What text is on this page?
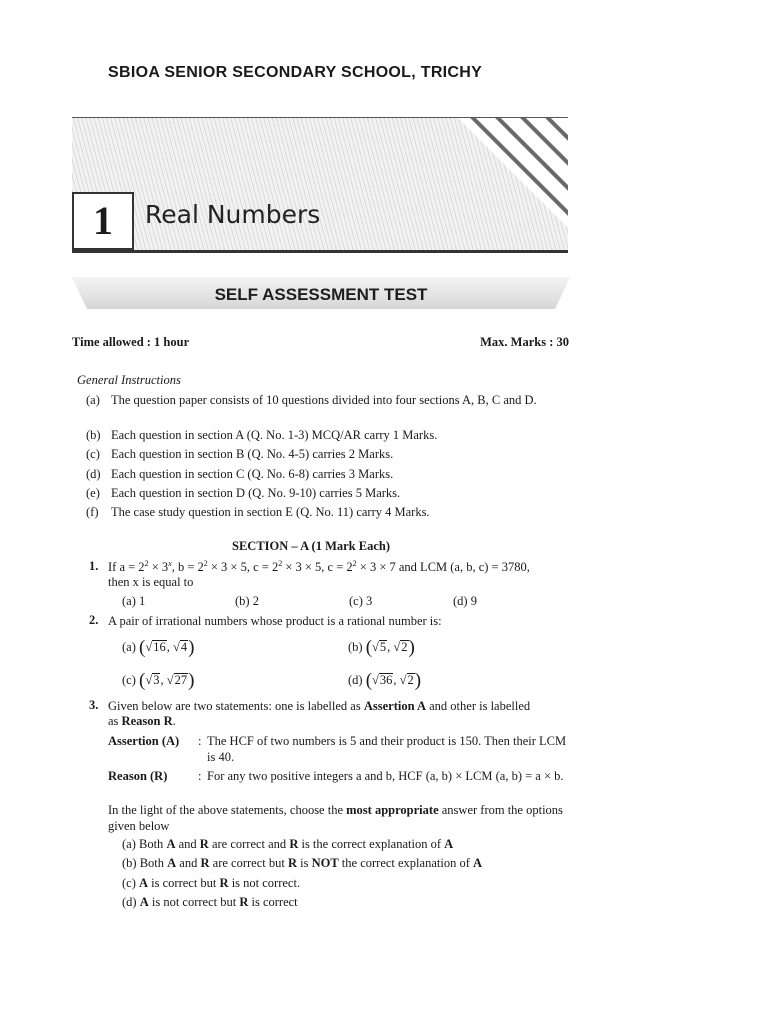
SBIOA SENIOR SECONDARY SCHOOL, TRICHY
1	Real Numbers
SELF ASSESSMENT TEST
Time allowed : 1 hour	Max. Marks : 30
General Instructions
(a) The question paper consists of 10 questions divided into four sections A, B, C and D.
(b) Each question in section A (Q. No. 1-3) MCQ/AR carry 1 Marks.
(c) Each question in section B (Q. No. 4-5) carries 2 Marks.
(d) Each question in section C (Q. No. 6-8) carries 3 Marks.
(e) Each question in section D (Q. No. 9-10) carries 5 Marks.
(f) The case study question in section E (Q. No. 11) carry 4 Marks.
SECTION – A (1 Mark Each)
1. If $a = 2^2 \times 3^x$, $b = 2^2 \times 3 \times 5$, $c = 2^2 \times 3 \times 5$, $c = 2^2 \times 3 \times 7$ and LCM (a, b, c) = 3780,
then x is equal to
(a) 1	(b) 2	(c) 3	(d) 9
2. A pair of irrational numbers whose product is a rational number is:
(a) (√16, √4)	(b) (√5, √2)
(c) (√3, √27)	(d) (√36, √2)
3. Given below are two statements: one is labelled as Assertion A and other is labelled
as Reason R.
Assertion (A) : The HCF of two numbers is 5 and their product is 150. Then their LCM is 40.
Reason (R) : For any two positive integers a and b, HCF (a, b) × LCM (a, b) = a × b.
In the light of the above statements, choose the most appropriate answer from the options given below
(a) Both A and R are correct and R is the correct explanation of A
(b) Both A and R are correct but R is NOT the correct explanation of A
(c) A is correct but R is not correct.
(d) A is not correct but R is correct
